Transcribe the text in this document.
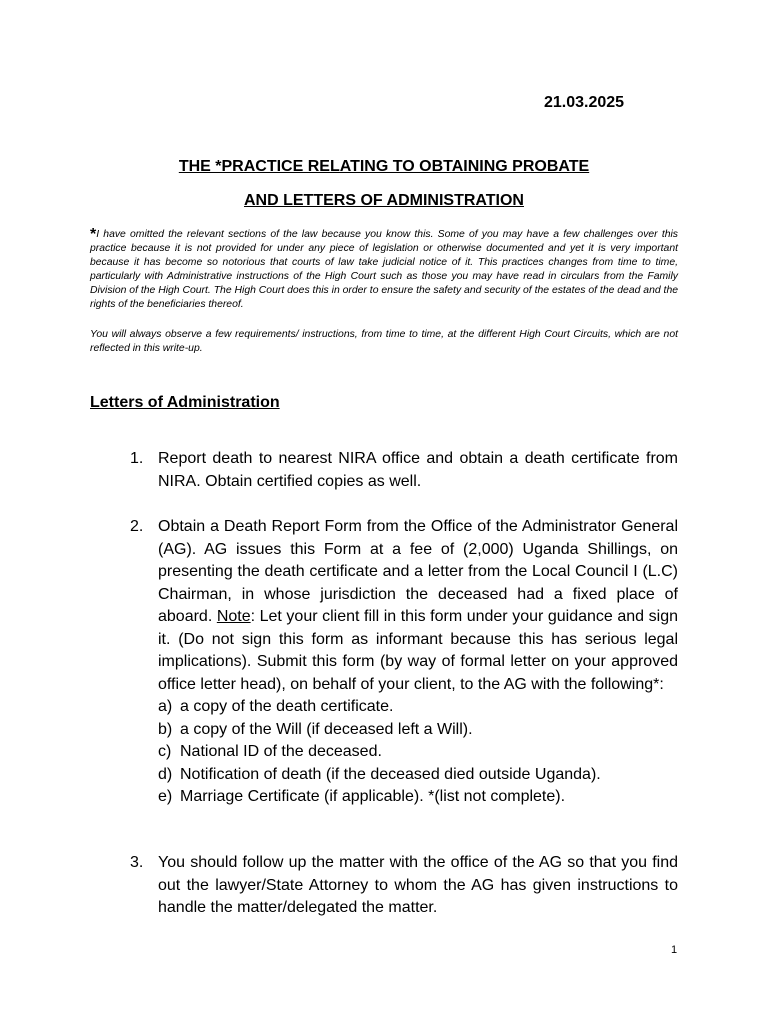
21.03.2025
THE *PRACTICE RELATING TO OBTAINING PROBATE
AND LETTERS OF ADMINISTRATION
*I have omitted the relevant sections of the law because you know this. Some of you may have a few challenges over this practice because it is not provided for under any piece of legislation or otherwise documented and yet it is very important because it has become so notorious that courts of law take judicial notice of it. This practices changes from time to time, particularly with Administrative instructions of the High Court such as those you may have read in circulars from the Family Division of the High Court. The High Court does this in order to ensure the safety and security of the estates of the dead and the rights of the beneficiaries thereof.
You will always observe a few requirements/ instructions, from time to time, at the different High Court Circuits, which are not reflected in this write-up.
Letters of Administration
1. Report death to nearest NIRA office and obtain a death certificate from NIRA. Obtain certified copies as well.
2. Obtain a Death Report Form from the Office of the Administrator General (AG). AG issues this Form at a fee of (2,000) Uganda Shillings, on presenting the death certificate and a letter from the Local Council I (L.C) Chairman, in whose jurisdiction the deceased had a fixed place of aboard. Note: Let your client fill in this form under your guidance and sign it. (Do not sign this form as informant because this has serious legal implications). Submit this form (by way of formal letter on your approved office letter head), on behalf of your client, to the AG with the following*:
a) a copy of the death certificate.
b) a copy of the Will (if deceased left a Will).
c) National ID of the deceased.
d) Notification of death (if the deceased died outside Uganda).
e) Marriage Certificate (if applicable). *(list not complete).
3. You should follow up the matter with the office of the AG so that you find out the lawyer/State Attorney to whom the AG has given instructions to handle the matter/delegated the matter.
1
